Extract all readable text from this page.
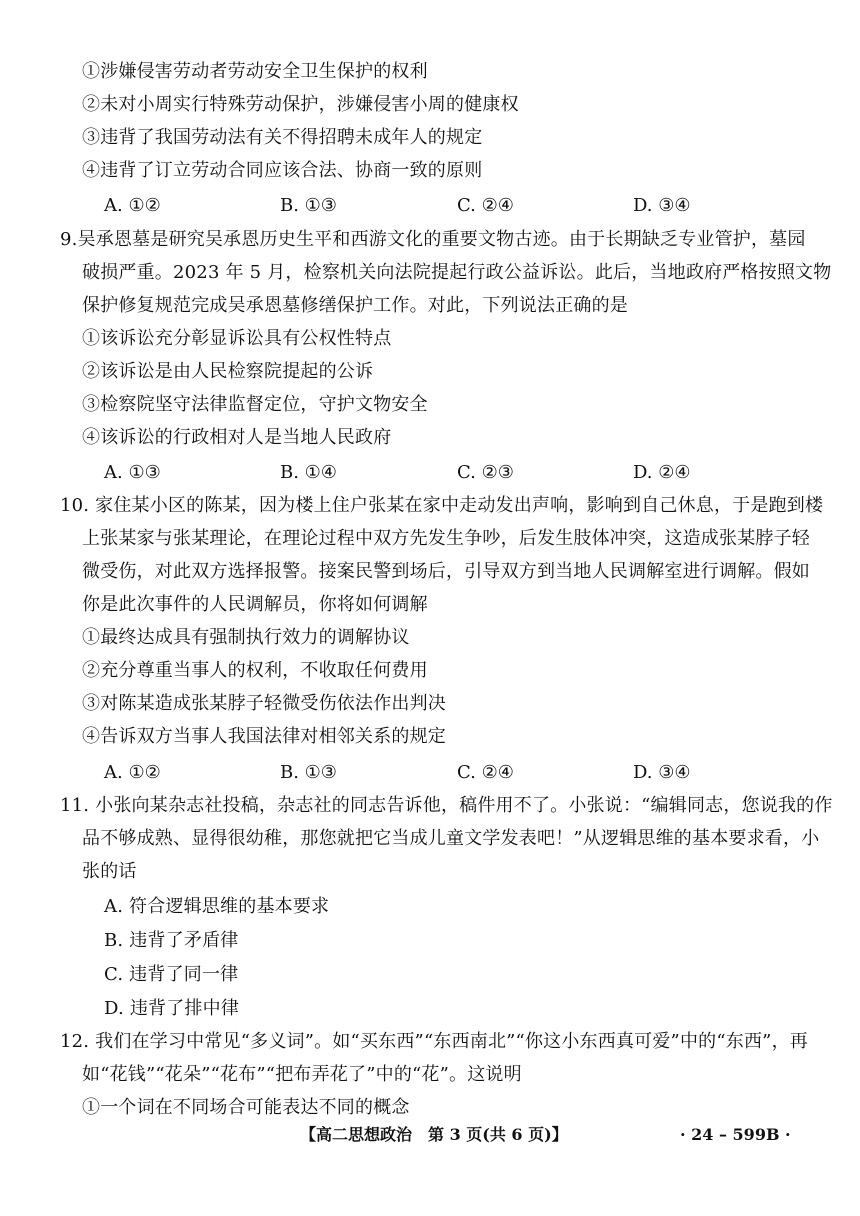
①涉嫌侵害劳动者劳动安全卫生保护的权利
②未对小周实行特殊劳动保护，涉嫌侵害小周的健康权
③违背了我国劳动法有关不得招聘未成年人的规定
④违背了订立劳动合同应该合法、协商一致的原则
A. ①②	B. ①③	C. ②④	D. ③④
9.吴承恩墓是研究吴承恩历史生平和西游文化的重要文物古迹。由于长期缺乏专业管护，墓园
破损严重。2023 年 5 月，检察机关向法院提起行政公益诉讼。此后，当地政府严格按照文物
保护修复规范完成吴承恩墓修缮保护工作。对此，下列说法正确的是
①该诉讼充分彰显诉讼具有公权性特点
②该诉讼是由人民检察院提起的公诉
③检察院坚守法律监督定位，守护文物安全
④该诉讼的行政相对人是当地人民政府
A. ①③	B. ①④	C. ②③	D. ②④
10. 家住某小区的陈某，因为楼上住户张某在家中走动发出声响，影响到自己休息，于是跑到楼
上张某家与张某理论，在理论过程中双方先发生争吵，后发生肢体冲突，这造成张某脖子轻
微受伤，对此双方选择报警。接案民警到场后，引导双方到当地人民调解室进行调解。假如
你是此次事件的人民调解员，你将如何调解
①最终达成具有强制执行效力的调解协议
②充分尊重当事人的权利，不收取任何费用
③对陈某造成张某脖子轻微受伤依法作出判决
④告诉双方当事人我国法律对相邻关系的规定
A. ①②	B. ①③	C. ②④	D. ③④
11. 小张向某杂志社投稿，杂志社的同志告诉他，稿件用不了。小张说：“编辑同志，您说我的作
品不够成熟、显得很幼稚，那您就把它当成儿童文学发表吧！”从逻辑思维的基本要求看，小
张的话
A. 符合逻辑思维的基本要求
B. 违背了矛盾律
C. 违背了同一律
D. 违背了排中律
12. 我们在学习中常见“多义词”。如“买东西”“东西南北”“你这小东西真可爱”中的“东西”，再
如“花钱”“花朵”“花布”“把布弄花了”中的“花”。这说明
①一个词在不同场合可能表达不同的概念
【高二思想政治　第 3 页(共 6 页)】	· 24 – 599B ·
